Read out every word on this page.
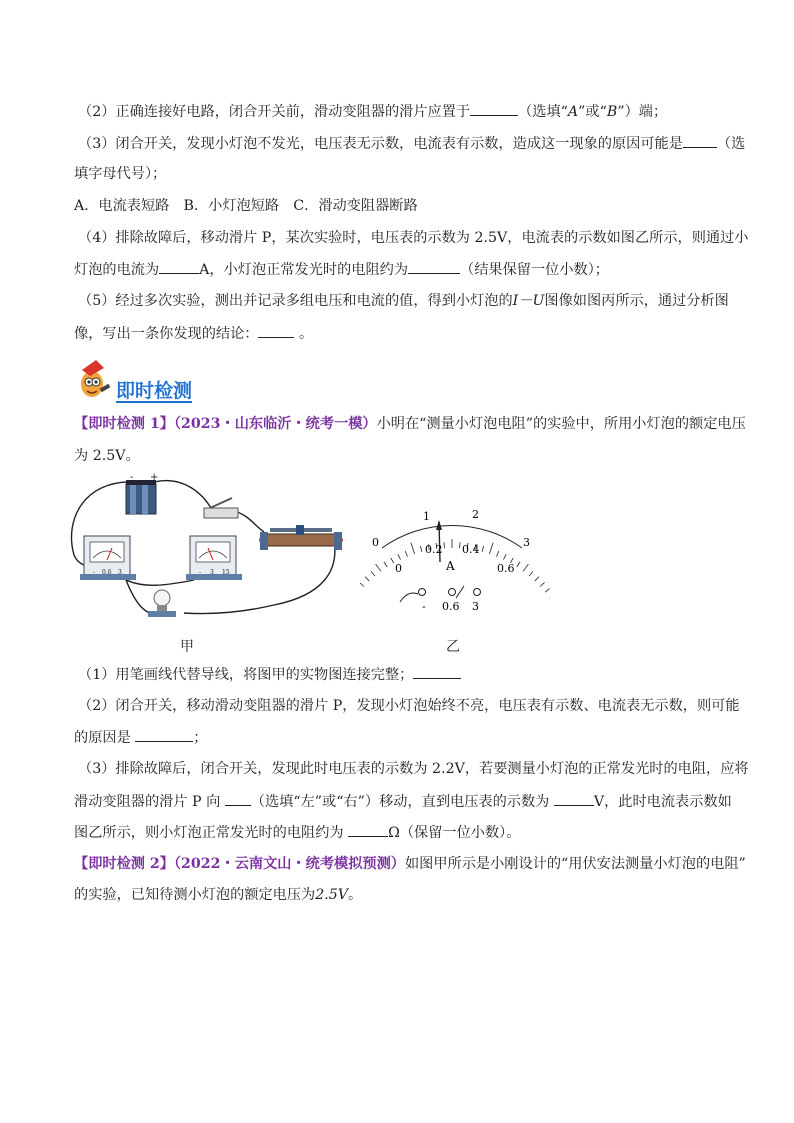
（2）正确连接好电路，闭合开关前，滑动变阻器的滑片应置于	（选填“A”或“B”）端；
（3）闭合开关，发现小灯泡不发光，电压表无示数，电流表有示数，造成这一现象的原因可能是 （选
填字母代号）；
A．电流表短路　B．小灯泡短路　C．滑动变阻器断路
（4）排除故障后，移动滑片 P，某次实验时，电压表的示数为 2.5V，电流表的示数如图乙所示，则通过小
灯泡的电流为	A，小灯泡正常发光时的电阻约为	（结果保留一位小数）；
（5）经过多次实验，测出并记录多组电压和电流的值，得到小灯泡的I－U图像如图丙所示，通过分析图
像，写出一条你发现的结论：	。
即时检测
【即时检测 1】（2023・山东临沂・统考一模）小明在“测量小灯泡电阻”的实验中，所用小灯泡的额定电压
为 2.5V。
- +
- 0.6 3	- 3 15
甲
0
1	2
3
0
0.2 0.4
0.6
A
- 0.6 3
乙
（1）用笔画线代替导线，将图甲的实物图连接完整；
（2）闭合开关，移动滑动变阻器的滑片 P，发现小灯泡始终不亮，电压表有示数、电流表无示数，则可能
的原因是	；
（3）排除故障后，闭合开关，发现此时电压表的示数为 2.2V，若要测量小灯泡的正常发光时的电阻，应将
滑动变阻器的滑片 P 向 （选填“左”或“右”）移动，直到电压表的示数为	V，此时电流表示数如
图乙所示，则小灯泡正常发光时的电阻约为	Ω（保留一位小数）。
【即时检测 2】（2022・云南文山・统考模拟预测）如图甲所示是小刚设计的“用伏安法测量小灯泡的电阻”
的实验，已知待测小灯泡的额定电压为2.5V。
